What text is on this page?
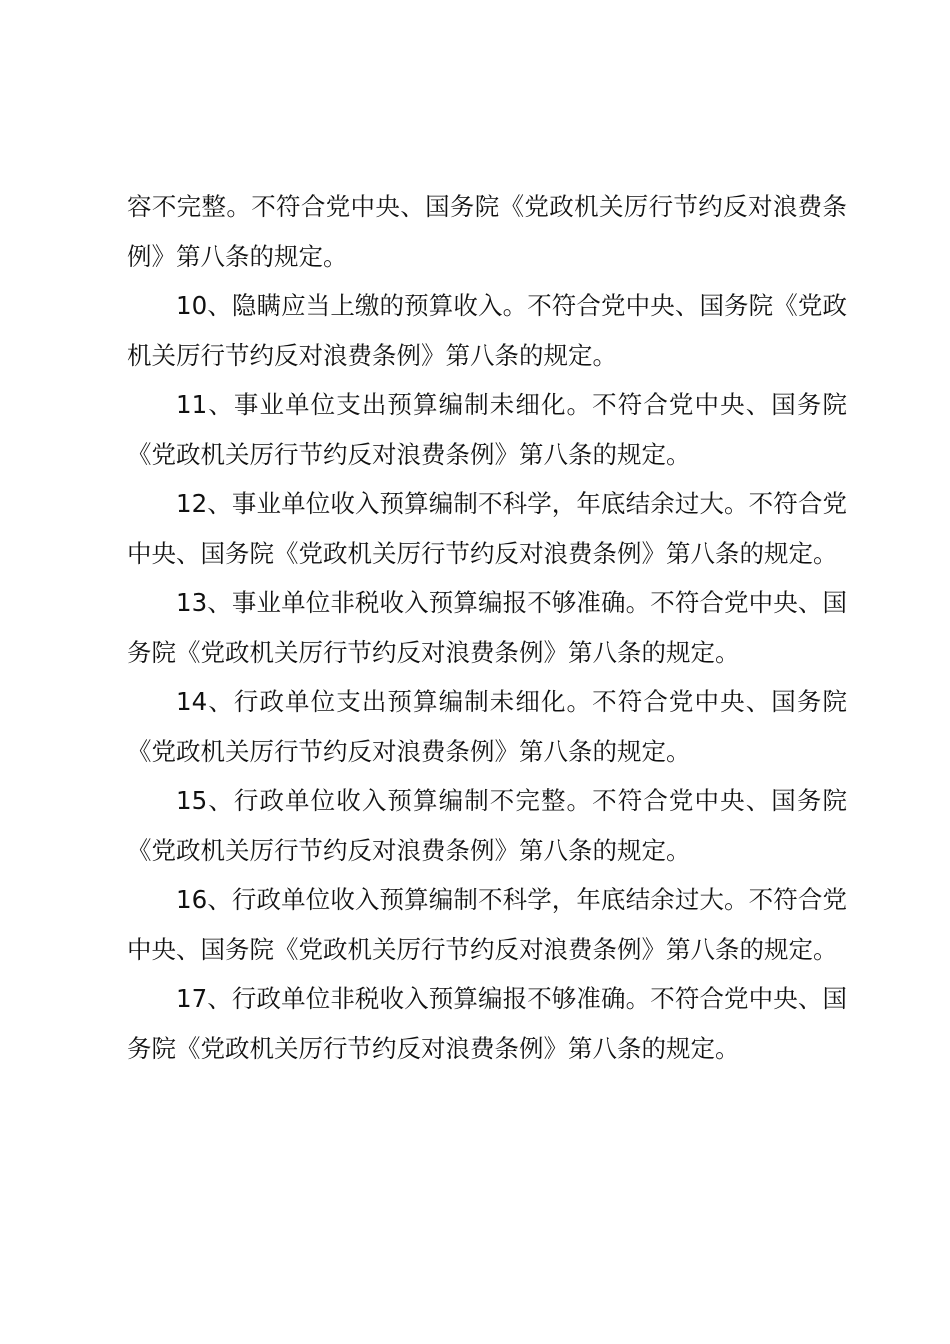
容不完整。不符合党中央、国务院《党政机关厉行节约反对浪费条例》第八条的规定。

10、隐瞒应当上缴的预算收入。不符合党中央、国务院《党政机关厉行节约反对浪费条例》第八条的规定。

11、事业单位支出预算编制未细化。不符合党中央、国务院《党政机关厉行节约反对浪费条例》第八条的规定。

12、事业单位收入预算编制不科学，年底结余过大。不符合党中央、国务院《党政机关厉行节约反对浪费条例》第八条的规定。

13、事业单位非税收入预算编报不够准确。不符合党中央、国务院《党政机关厉行节约反对浪费条例》第八条的规定。

14、行政单位支出预算编制未细化。不符合党中央、国务院《党政机关厉行节约反对浪费条例》第八条的规定。

15、行政单位收入预算编制不完整。不符合党中央、国务院《党政机关厉行节约反对浪费条例》第八条的规定。

16、行政单位收入预算编制不科学，年底结余过大。不符合党中央、国务院《党政机关厉行节约反对浪费条例》第八条的规定。

17、行政单位非税收入预算编报不够准确。不符合党中央、国务院《党政机关厉行节约反对浪费条例》第八条的规定。
